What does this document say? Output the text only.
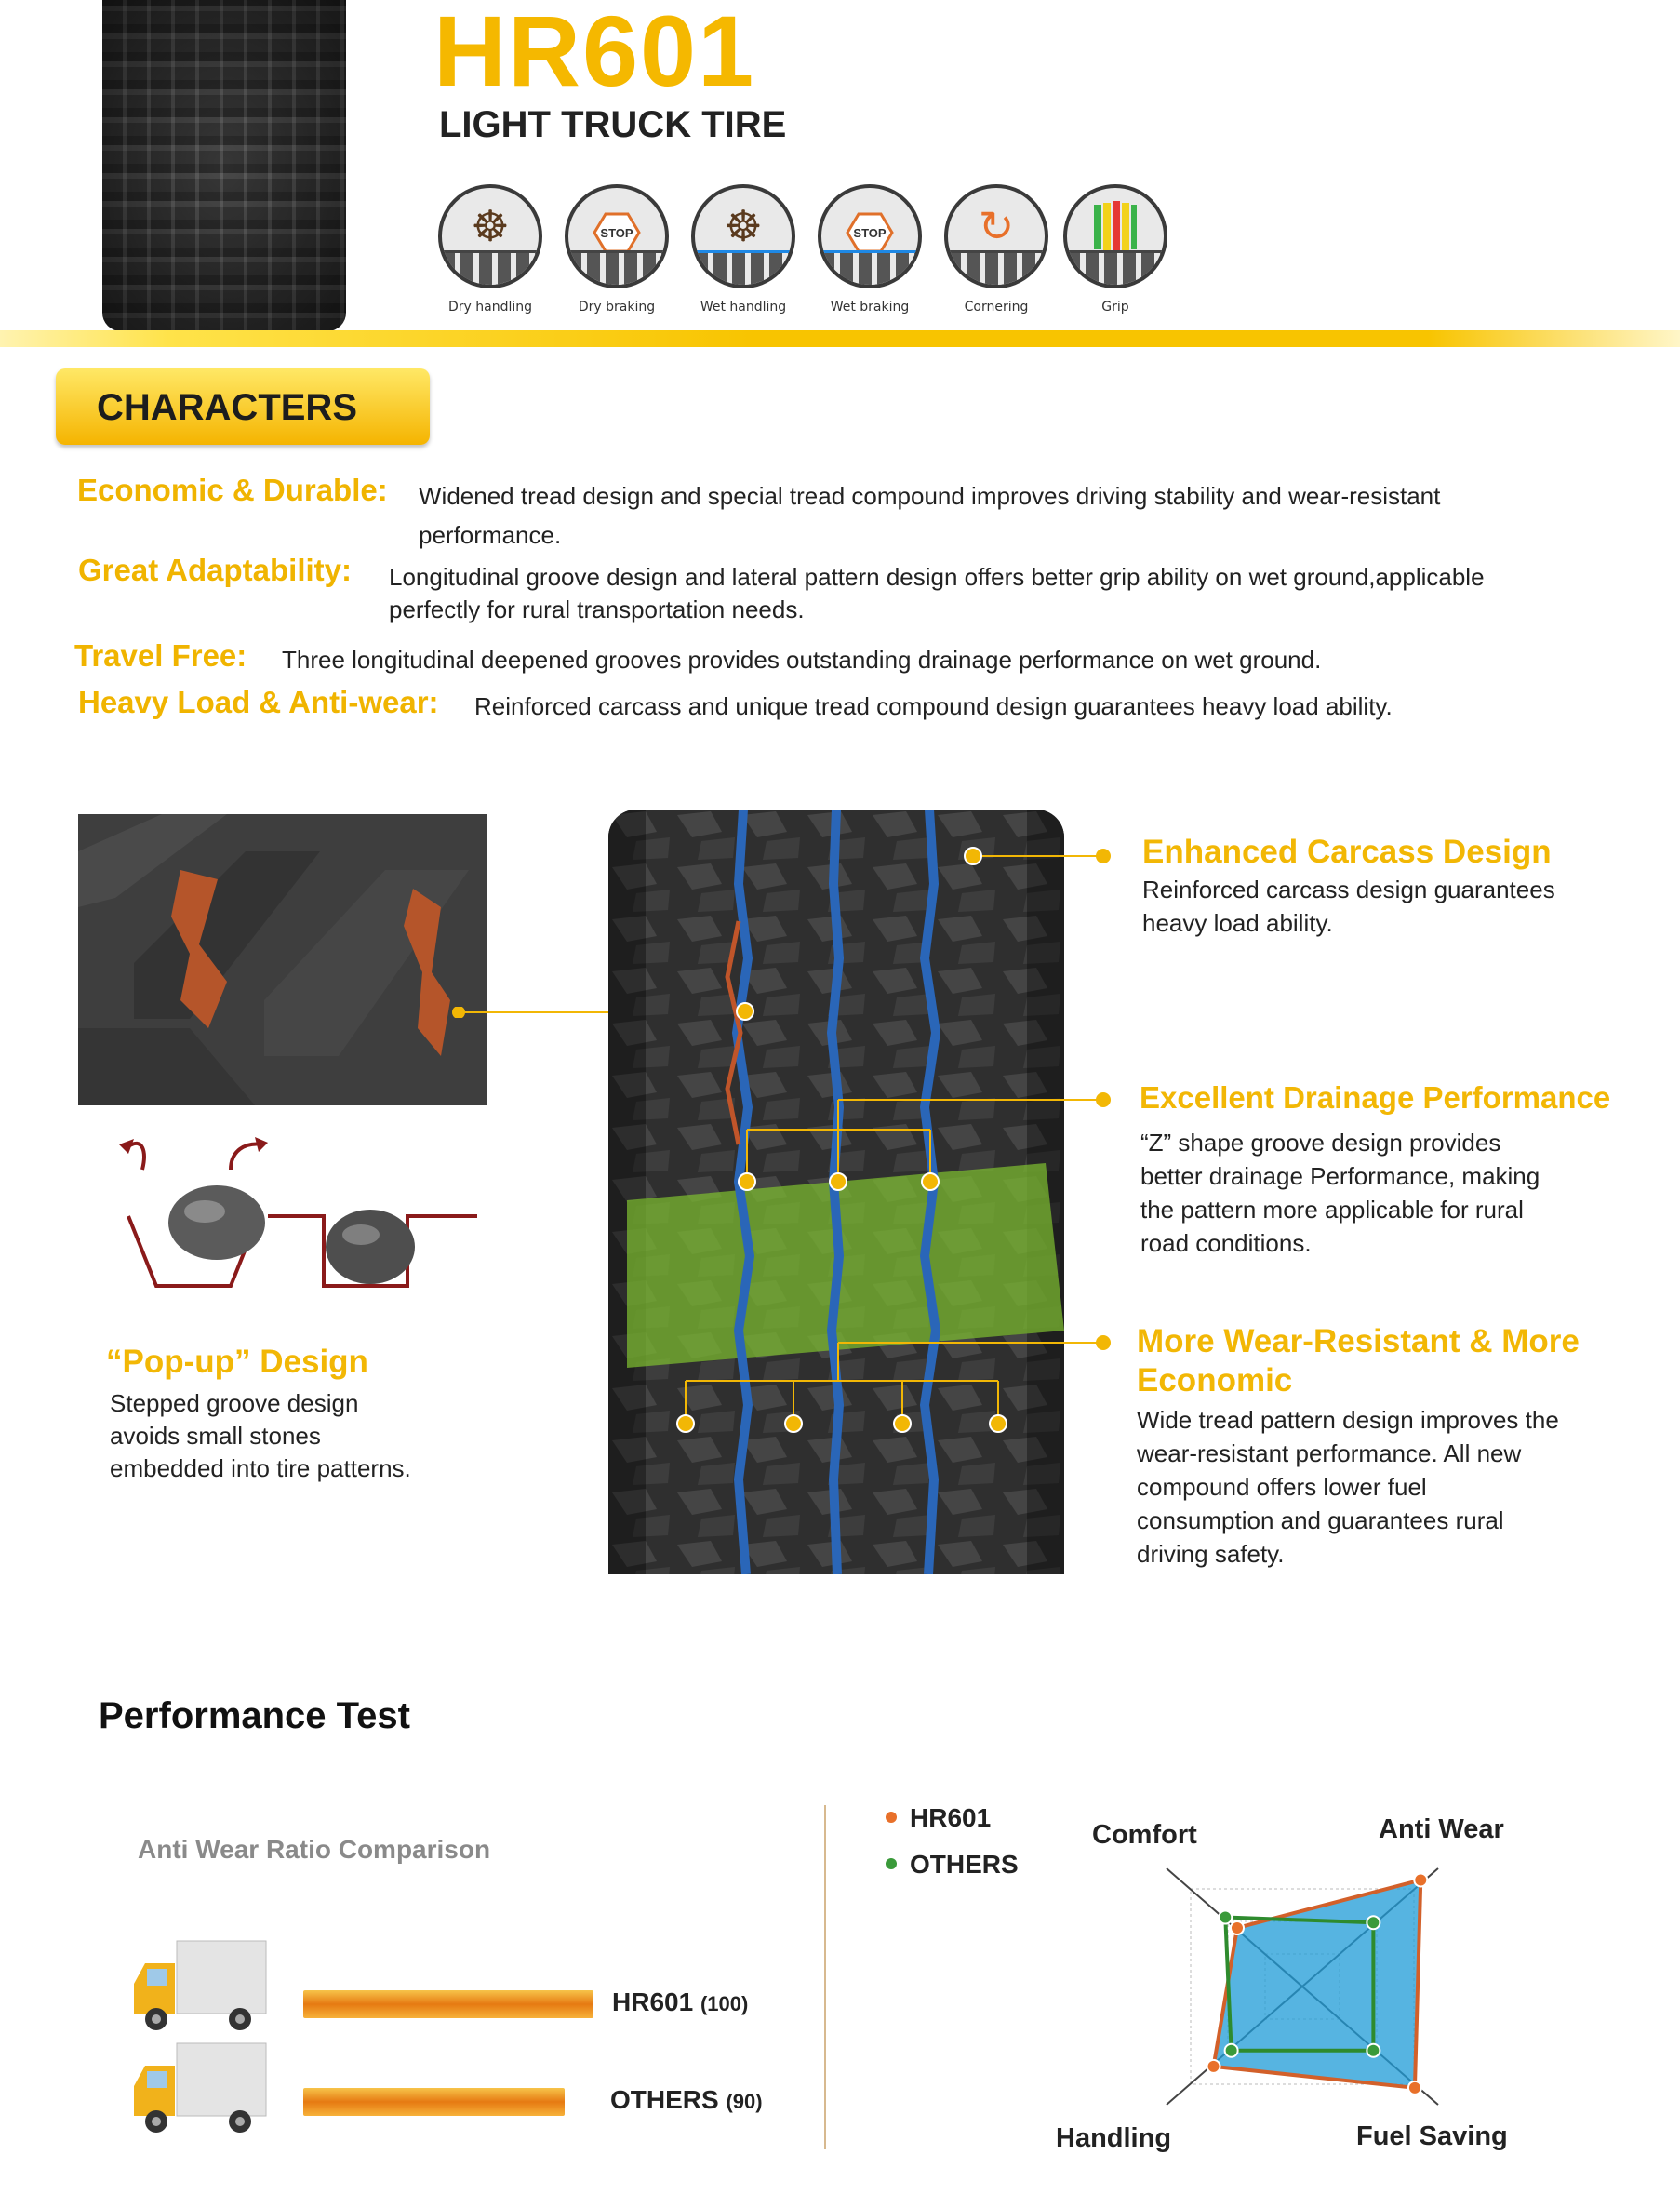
HR601
LIGHT TRUCK TIRE
☸
Dry handling
STOP
Dry braking
☸
Wet handling
STOP
Wet braking
↻
Cornering	Grip
CHARACTERS
Economic & Durable: Widened tread design and special tread compound improves driving stability and wear-resistant
performance.
Great Adaptability: Longitudinal groove design and lateral pattern design offers better grip ability on wet ground,applicable
perfectly for rural transportation needs.
Travel Free: Three longitudinal deepened grooves provides outstanding drainage performance on wet ground.
Heavy Load & Anti-wear: Reinforced carcass and unique tread compound design guarantees heavy load ability.
“Pop-up” Design
Stepped groove design
avoids small stones
embedded into tire patterns.
Enhanced Carcass Design
Reinforced carcass design guarantees
heavy load ability.
Excellent Drainage Performance
“Z” shape groove design provides
better drainage Performance, making
the pattern more applicable for rural
road conditions.
More Wear-Resistant & More
Economic
Wide tread pattern design improves the
wear-resistant performance. All new
compound offers lower fuel
consumption and guarantees rural
driving safety.
Performance Test
Anti Wear Ratio Comparison
HR601 (100)
OTHERS (90)
HR601
OTHERS
Comfort	Anti Wear
Fuel Saving
Handling
